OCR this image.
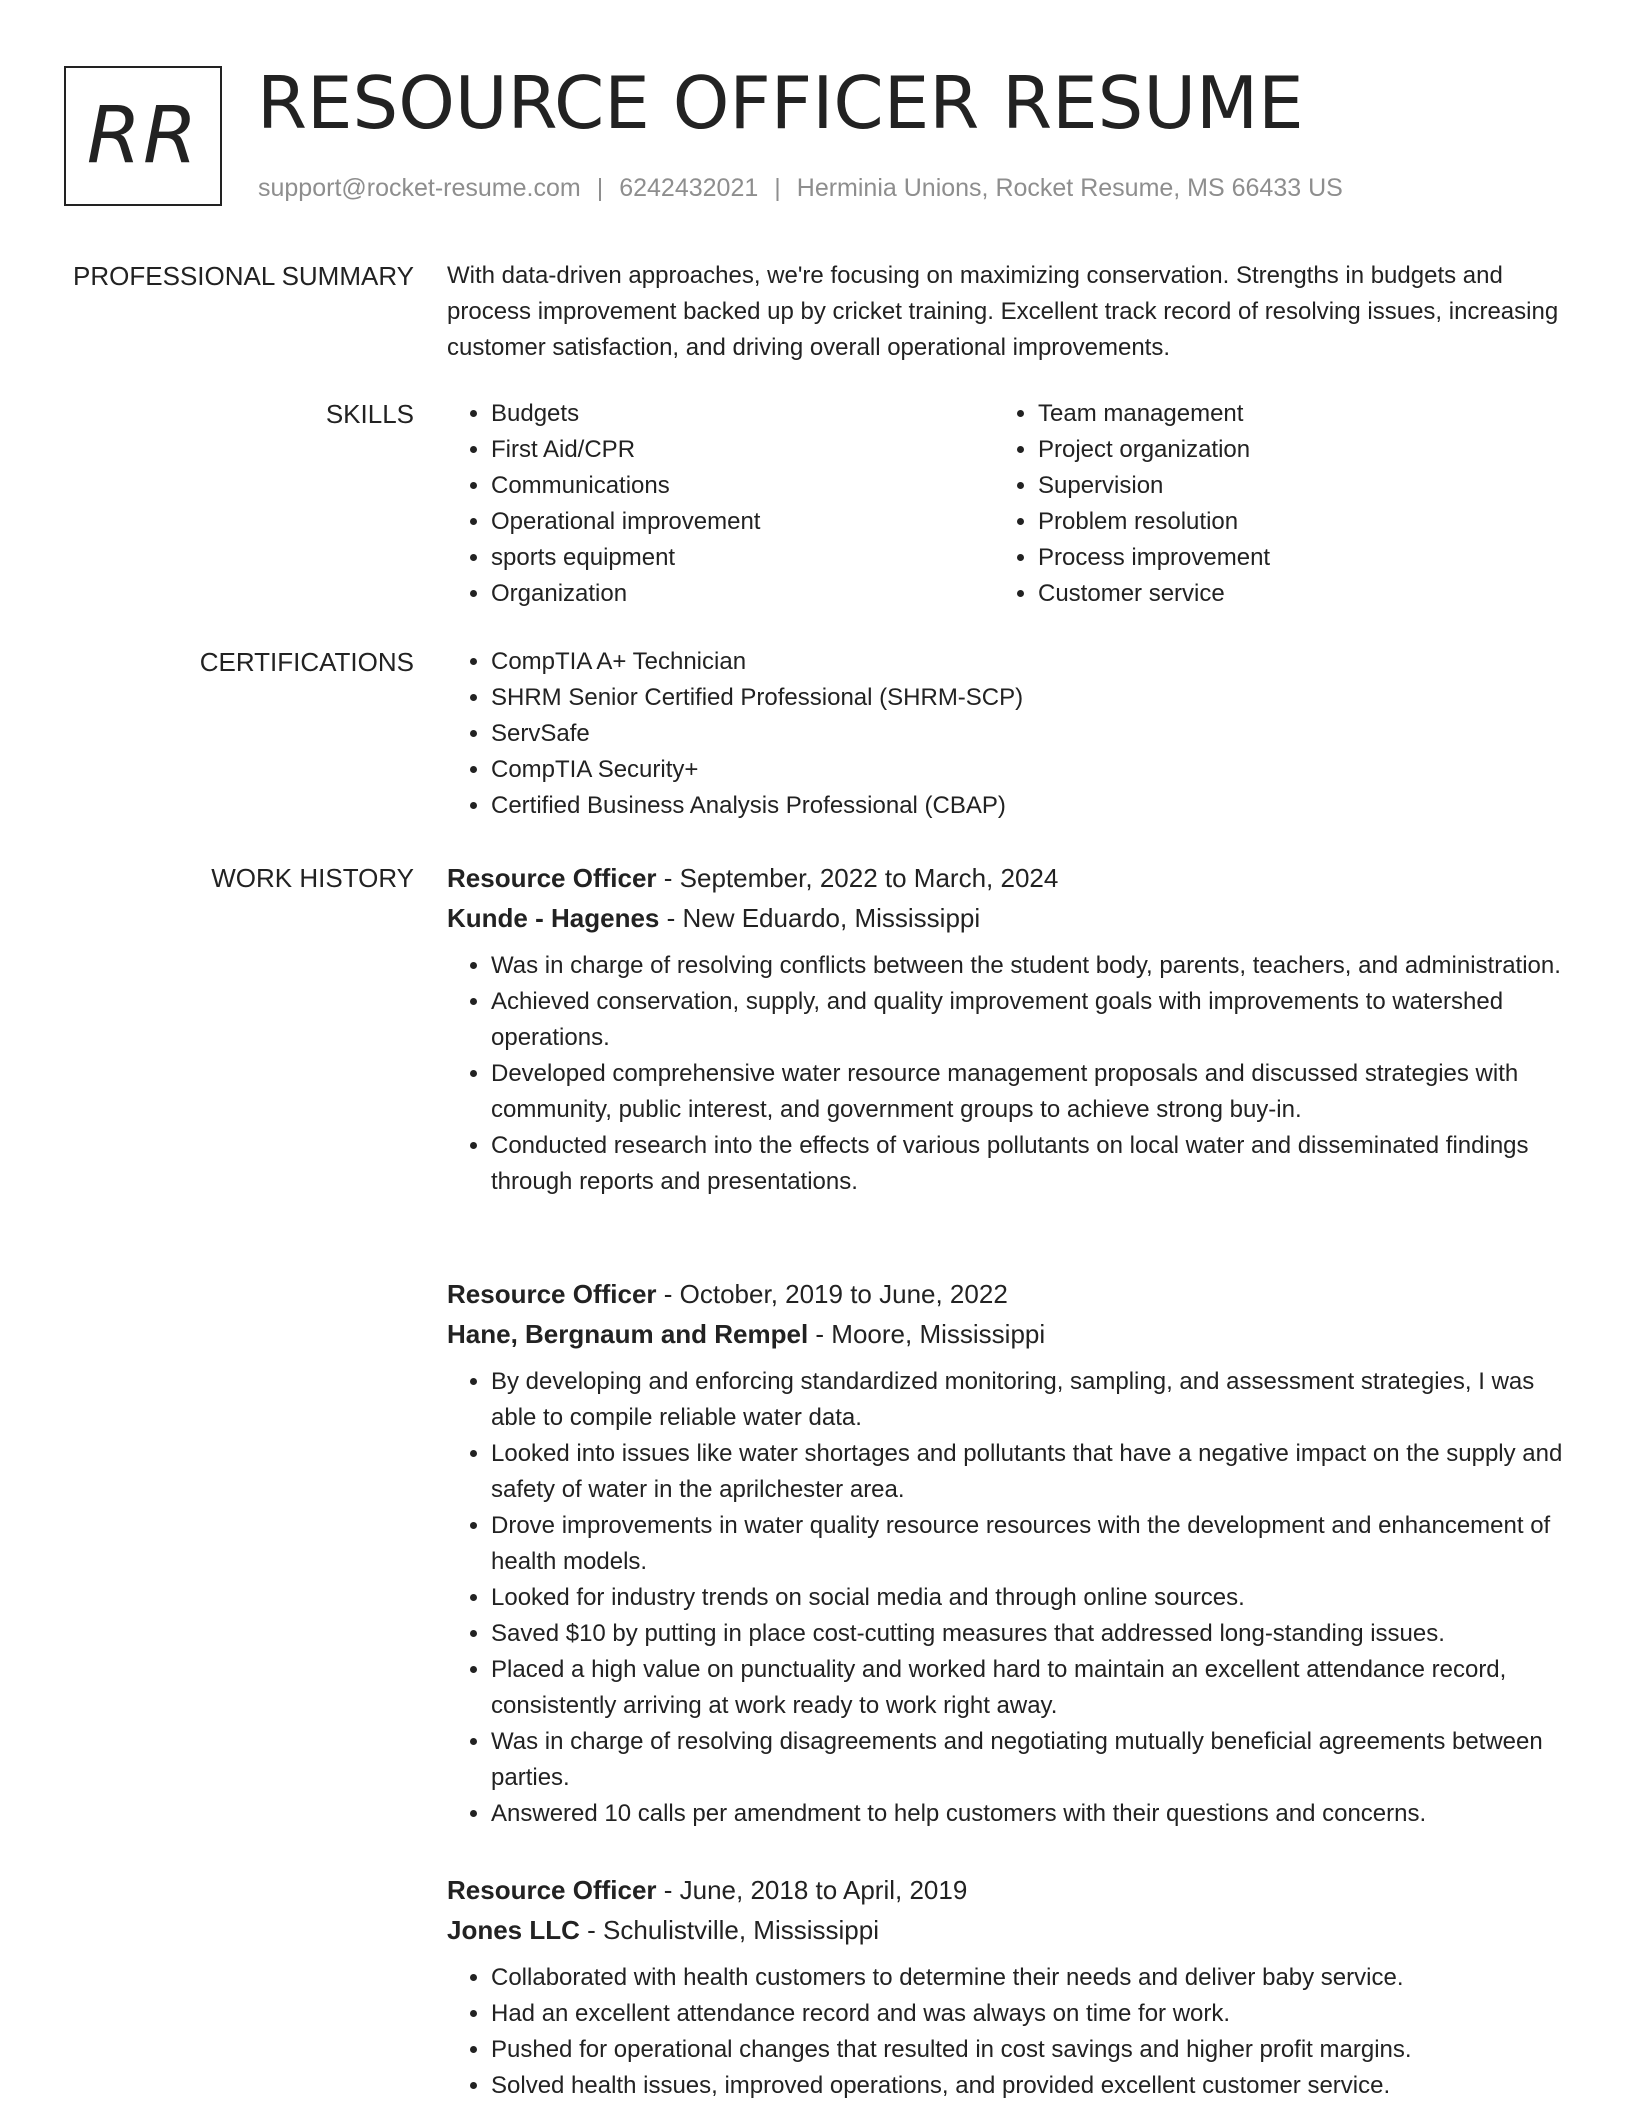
RR RESOURCE OFFICER RESUME
support@rocket-resume.com | 6242432021 | Herminia Unions, Rocket Resume, MS 66433 US
PROFESSIONAL SUMMARY With data-driven approaches, we're focusing on maximizing conservation. Strengths in budgets and process improvement backed up by cricket training. Excellent track record of resolving issues, increasing customer satisfaction, and driving overall operational improvements.
SKILLS	• Budgets
• First Aid/CPR
• Communications
• Operational improvement
• sports equipment
• Organization
• Team management
• Project organization
• Supervision
• Problem resolution
• Process improvement
• Customer service
CERTIFICATIONS	• CompTIA A+ Technician
• SHRM Senior Certified Professional (SHRM-SCP)
• ServSafe
• CompTIA Security+
• Certified Business Analysis Professional (CBAP)
WORK HISTORY Resource Officer - September, 2022 to March, 2024
Kunde - Hagenes - New Eduardo, Mississippi
• Was in charge of resolving conflicts between the student body, parents, teachers, and administration.
• Achieved conservation, supply, and quality improvement goals with improvements to watershed operations.
• Developed comprehensive water resource management proposals and discussed strategies with community, public interest, and government groups to achieve strong buy-in.
• Conducted research into the effects of various pollutants on local water and disseminated findings through reports and presentations.
Resource Officer - October, 2019 to June, 2022
Hane, Bergnaum and Rempel - Moore, Mississippi
• By developing and enforcing standardized monitoring, sampling, and assessment strategies, I was able to compile reliable water data.
• Looked into issues like water shortages and pollutants that have a negative impact on the supply and safety of water in the aprilchester area.
• Drove improvements in water quality resource resources with the development and enhancement of health models.
• Looked for industry trends on social media and through online sources.
• Saved $10 by putting in place cost-cutting measures that addressed long-standing issues.
• Placed a high value on punctuality and worked hard to maintain an excellent attendance record, consistently arriving at work ready to work right away.
• Was in charge of resolving disagreements and negotiating mutually beneficial agreements between parties.
• Answered 10 calls per amendment to help customers with their questions and concerns.
Resource Officer - June, 2018 to April, 2019
Jones LLC - Schulistville, Mississippi
• Collaborated with health customers to determine their needs and deliver baby service.
• Had an excellent attendance record and was always on time for work.
• Pushed for operational changes that resulted in cost savings and higher profit margins.
• Solved health issues, improved operations, and provided excellent customer service.
